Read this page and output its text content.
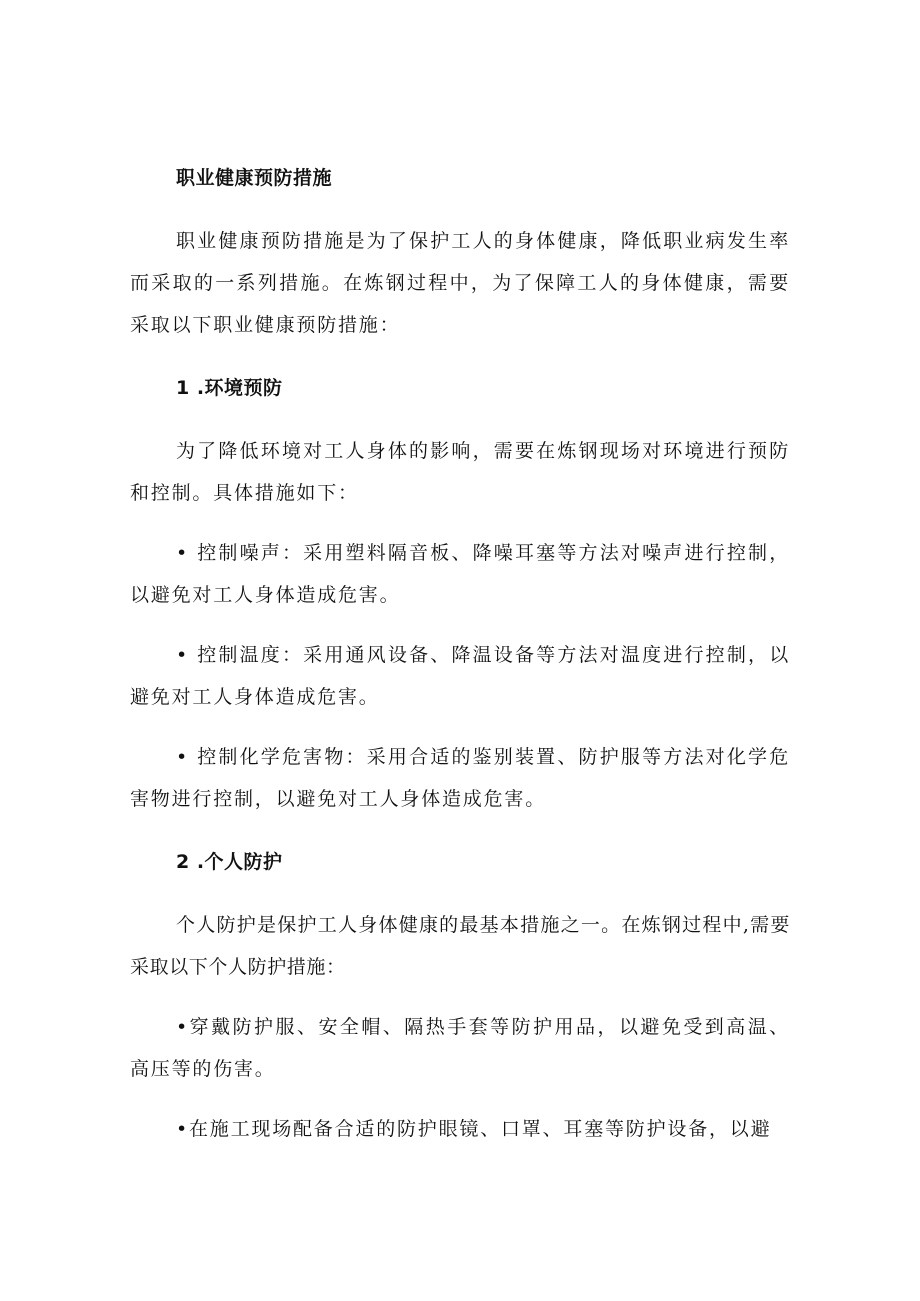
职业健康预防措施

职业健康预防措施是为了保护工人的身体健康，降低职业病发生率而采取的一系列措施。在炼钢过程中，为了保障工人的身体健康，需要采取以下职业健康预防措施：

1 .环境预防

为了降低环境对工人身体的影响，需要在炼钢现场对环境进行预防和控制。具体措施如下：

• 控制噪声：采用塑料隔音板、降噪耳塞等方法对噪声进行控制，以避免对工人身体造成危害。

• 控制温度：采用通风设备、降温设备等方法对温度进行控制，以避免对工人身体造成危害。

• 控制化学危害物：采用合适的鉴别装置、防护服等方法对化学危害物进行控制，以避免对工人身体造成危害。

2 .个人防护

个人防护是保护工人身体健康的最基本措施之一。在炼钢过程中,需要采取以下个人防护措施：

•穿戴防护服、安全帽、隔热手套等防护用品，以避免受到高温、高压等的伤害。

•在施工现场配备合适的防护眼镜、口罩、耳塞等防护设备，以避
